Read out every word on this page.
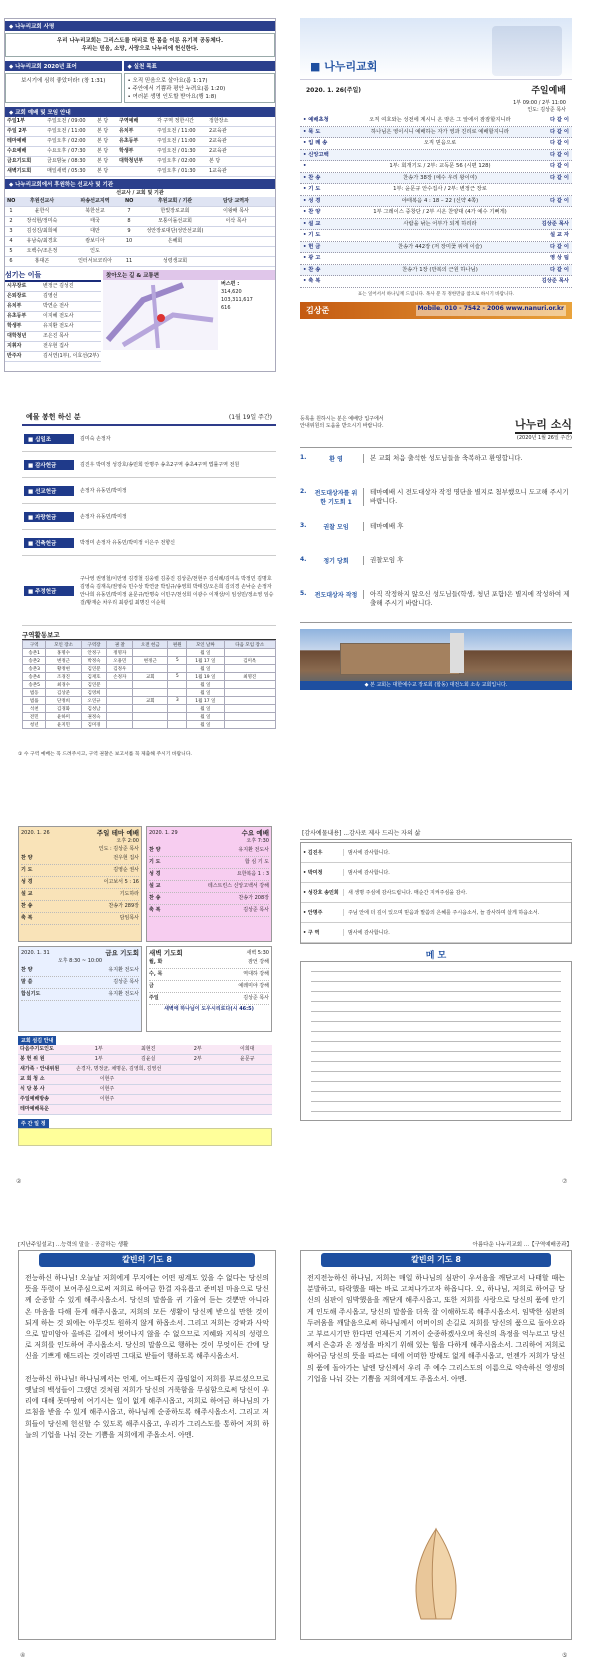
◆ 나누리교회 사명
우리 나누리교회는 그리스도를 머리로 한 몸을 이룬 유기적 공동체다.
우리는 믿음, 소망, 사랑으로 나누리에 헌신한다.
◆ 나누리교회 2020년 표어
보시기에 심히 좋았더라! (창 1:31)
◆ 실천 목표
• 오직 믿음으로 살아요(롬 1:17)
• 주안에서 기쁨과 평안 누려요(롬 1:20)
• 여러분 생명 인도할 받아요(행 1:8)
◆ 교회 예배 및 모임 안내
주일1부	주일오전 / 09:00	본 당	구역예배	각 구역 정한시간	정한장소
주일 2부	주일오전 / 11:00	본 당	유치부	주일오전 / 11:00	2교육관
테마예배	주일오후 / 02:00	본 당	유초등부	주일오전 / 11:00	2교육관
수요예배	수요오후 / 07:30	본 당	학생부	주일오전 / 01:30	2교육관
금요기도회	금요밤늦 / 08:30	본 당	대학청년부	주일오후 / 02:00	본 당
새벽기도회	매일새벽 / 05:30	본 당	주일오후 / 01:30	1교육관
◆ 나누리교회에서 후원하는 선교사 및 기관
선교사 / 교회 및 기관
NO	후원선교사	파송선교지역	NO	후원교회 / 기관	담당 교역자
1	윤한식	북한선교	7	한빛장로교회	이왕배 목사
2	장석현/정미숙	태국	8	모퉁이돌선교회	이삭 목사
3	김성진/최희예	대만	9	성안장로대단(성안선교회)
4	유남숙/최경호	캄보디아	10	은혜회
5	오백수/조은정	인도
6	홍대곤	인터서브코리아	11	성령생교회
섬기는 이들
시무장로	변정근 김성진
은퇴장로	김영선
유치부	박연순 전사
유초등부	이지혜 전도사
학생부	유지환 전도사
대학청년	조은진 목사
지휘자	전우현 집사
반주자	김서연(1부), 이효선(2부)
찾아오는 길 & 교통편
버스편 :
314,620
103,311,617
616
■ 나누리교회
2020. 1. 26(주일)	주일예배
1부 09:00 / 2부 11:00
인도: 김상준 목사
• 예배초청	오직 여호와는 성전에 계시니 온 땅은 그 앞에서 잠잠할지니라	다 같 이
• 묵 도	하나님은 영이시니 예배하는 자가 영과 진리로 예배할지니라	다 같 이
• 입 례 송	오직 믿음으로	다 같 이
• 신앙고백	다 같 이
•	1부: 회개기도 / 2부: 교독문 56 (시편 128)	다 같 이
• 찬 송	찬송가 38장 (예수 우리 왕이여)	다 같 이
• 기 도	1부: 윤문규 안수집사 / 2부: 변정근 장로
• 성 경	야태복음 4 : 18 – 22 (신약 4쪽)	다 같 이
• 찬 양	1부 그레이스 중창단 / 2부 시온 찬양대 (4가 예수 기뻐게)
• 설 교	사람을 낚는 어부가 되게 하리라	김상준 목사
• 기 도	설 교 자
• 헌 금	찬송가 442장 (저 장미꽃 위에 이슬)	다 같 이
• 광 고	영 상 팀
• 찬 송	찬송가 1장 (만복의 근원 하나님)	다 같 이
• 축 복	김상준 목사
표는 일어서서 하나님께 드립니다. 목사 분 꼭 정한만큼 참으로 하시기 바랍니다.
김상준	Mobile. 010 - 7542 - 2006 www.nanuri.or.kr
예물 봉헌 하신 분	(1월 19일 주간)
■ 십일조	김미숙 손정자
■ 감사헌금	김진우 박미정 성강호/송민희 안명주 송초2구역 송초4구역 법률구역 전원
■ 선교헌금	손정자 유동민/박미정
■ 자랑헌금	손정자 유동민/박미정
■ 건축헌금	박정미 손정자 유동민/박미정 이은주 전향신
■ 주정헌금
구나영 권영철/이만영 김경철 김웅렬 김종진 김상준/천현주 김석례/김미옥 박정민 김명호 김영숙 김재옥/권영숙 민수상 박연균 박일규/송영희 박태진/오은희 김의경 손낙순 손정자 안나희 유동민/박미정 윤문규/안명숙 이민구/천성희 이광수 이재상/이 임성민/정소영 임승걸/황재순 차우리 최광섭 최명진 이순혁
구역활동보고
구역	모인 장소	구역장	권 찰	오전 헌금	편원	모인 날짜	다음 모임 장소
송촌1	홍명수	안정구	정명자			월 일	
송촌2	변정근	박정숙	오용민	변정근	5	1월 17 일	김미옥
송촌3	황정현	김연분	김정우			월 일	
송촌4	조경진	김재호	손정자	교회	5	1월 19 일	최명진
송촌5	최경수	김연분				월 일	
법동	김상준	김영희				월 일	
법률	단정희	오연규		교회	3	1월 17 일	
석천	김경화	김성남				월 일	
전민	윤하미	권정숙				월 일	
청년	윤지민	김미경				월 일	
① 수 구역 예배는 꼭 드려주시고, 구역 권찰은 보고서를 꼭 제출해 주시기 바랍니다.
등록을 원하시는 분은 예배당 입구에서
안내위원의 도움을 받으시기 바랍니다.	나누리 소식
(2020년 1월 26일 주간)
1.	환 영	본 교회 처음 출석한 성도님들을 축복하고 환영합니다.
2.	전도대상자를 위한 기도회 1
테마예배 시 전도대상자 작정 명단을 별지로 첨부했으니 도고해 주시기 바랍니다.
3.	권찰 모임	테마예배 후
4.	정기 당회	권찰모임 후
5.	전도대상자 작정	아직 작정하지 않으신 성도님들(학생, 청년 포함)은 별지에 작성하여 제출해 주시기 바랍니다.
◆ 본 교회는 대한예수교 장로회 (합동) 대전노회 소속 교회입니다.
2020. 1. 26	주일 테마 예배
오후 2:00
인도 : 김상준 목사
찬 양	전우현 집사
기 도	김영순 권사
성 경	이고보서 5 : 16
설 교	기도하라
찬 송	찬송가 289장
축 복	담임목사
2020. 1. 29	수요 예배
오후 7:30
찬 양	유지환 전도사
기 도	합 심 기 도
성 경	요한복음 1 : 3
설 교	테스트린스 신앙고백서 강해
찬 송	찬송가 208장
축 복	김상준 목사
2020. 1. 31	금요 기도회
오후 8:30 ~ 10:00
찬 양	유지환 전도사
말 씀	김상준 목사
합심기도	유지환 전도사
새벽 기도회	새벽 5:30
월, 화	잠언 강해
수, 목	역대하 강해
금	예레미야 강해
주일	김상준 목사
새벽에 하나님이 도우시리로다(시 46:5)
교회 섬김 안내
다음주기도인도	1부	최현진	2부	이희대
봉 헌 위 원	1부	김윤실	2부	윤문규
새가족 · 안내위원	손경자, 명정균, 채명운, 김영희, 김영선
교 회 청 소	이현주
식 당 봉 사	이현주
주일예배방송	이현주
테마예배목운
주 간 일 정
②
[감사예물내용] ...감사로 제사 드리는 자의 삶
• 김진우	범사에 감사합니다.
• 박미정	범사에 감사합니다.
• 성강호 송민희	새 생명 주심에 감사드립니다. 매순간 지켜주심을 감사.
• 안명주	주님 안에 더 깊이 있으며 믿음과 말씀의 은혜를 주시옵소서, 늘 감사하며 살게 하옵소서.
• 구 역	범사에 감사합니다.
메 모
⑦
[지난주일설교] ...능력의 말을 · 공감하는 생활
칼빈의 기도 8
전능하신 하나님! 오늘날 저희에게 무지에는 어떤 핑계도 있을 수 없다는 당신의 뜻을 뚜렷이 보여주심으로써 저희로 하여금 한결 자유롭고 준비된 마음으로 당신께 순종할 수 있게 해주시옵소서. 당신의 말씀을 귀 기울여 듣는 것뿐만 아니라 온 마음을 다해 듣게 해주시옵고, 저희의 모든 생활이 당신께 받으실 만한 것이 되게 하는 것 외에는 아무것도 원하지 않게 하옵소서. 그리고 저희는 강팍과 사악으로 말미암아 올바른 길에서 벗어나지 않을 수 없으므로 지혜와 지식의 성령으로 저희를 인도하여 주시옵소서. 당신의 말씀으로 행하는 것이 무엇이든 간에 당신을 기쁘게 해드리는 것이라면 그대로 받들어 행하도록 해주시옵소서.

전능하신 하나님! 하나님께서는 언제, 어느때든지 끊임없이 저희를 부르셨으므로 옛날의 백성들이 그랬던 것처럼 저희가 당신의 거룩함을 무심함으로써 당신이 우리에 대해 못마땅히 여기시는 일이 없게 해주시옵고, 저희로 하여금 하나님의 가르침을 받을 수 있게 해주시옵고, 하나님께 순종하도록 해주시옵소서. 그리고 저희들이 당신께 헌신할 수 있도록 해주시옵고, 우리가 그리스도를 통하여 저희 하늘의 기업을 나눠 갖는 기쁨을 저희에게 주옵소서. 아멘.
④
아름다운 나누리교회 ...【구역예배공과】
칼빈의 기도 8
전지전능하신 하나님, 저희는 매일 하나님의 심판이 우셔음을 깨닫고서 나태할 때는 분발하고, 타락했을 때는 바로 고쳐나가고자 하옵니다. 오, 하나님, 저희로 하여금 당신의 심판이 임박했음을 깨닫게 해주시옵고, 또한 저희를 사랑으로 당신의 품에 안기게 인도해 주시옵고, 당신의 말씀을 더욱 잘 이해하도록 해주시옵소서. 임박한 심판의 두려움을 깨달음으로써 하나님께서 어버이의 손길로 저희를 당신의 품으로 돌아오라고 부르시기만 한다면 언제든지 기꺼이 순종하겠사오며 육신의 욕정을 억누르고 당신께서 은총과 온 정성을 바치기 위해 있는 힘을 다하게 해주시옵소서. 그리하여 저희로 하여금 당신의 뜻을 따르는 데에 어떠한 방해도 없게 해주시옵고, 언젠가 저희가 당신의 품에 돌아가는 날엔 당신께서 우리 주 예수 그리스도의 이름으로 약속하신 영생의 기업을 나눠 갖는 기쁨을 저희에게도 주옵소서. 아멘.
⑤
